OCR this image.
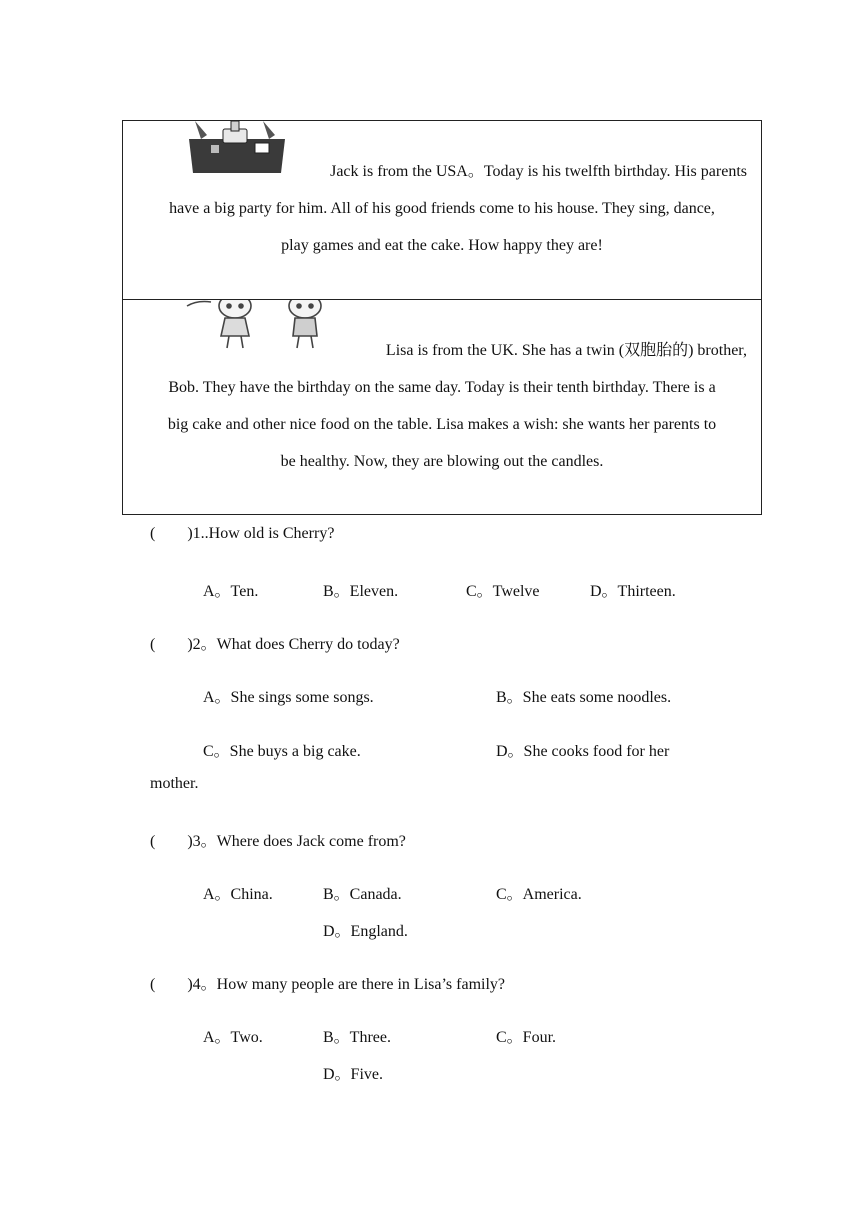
Jack is from the USA。Today is his twelfth birthday. His parents
have a big party for him. All of his good friends come to his house. They sing, dance,
play games and eat the cake. How happy they are!
Lisa is from the UK. She has a twin (双胞胎的) brother,
Bob. They have the birthday on the same day. Today is their tenth birthday. There is a
big cake and other nice food on the table. Lisa makes a wish: she wants her parents to
be healthy. Now, they are blowing out the candles.

(  )1..How old is Cherry?

A。Ten.	B。Eleven.	C。Twelve	D。Thirteen.

(  )2。What does Cherry do today?

A。She sings some songs.	B。She eats some noodles.

C。She buys a big cake.	D。She cooks food for her

mother.

(  )3。Where does Jack come from?

A。China.	B。Canada.	C。America.

D。England.

(  )4。How many people are there in Lisa’s family?

A。Two.	B。Three.	C。Four.

D。Five.
